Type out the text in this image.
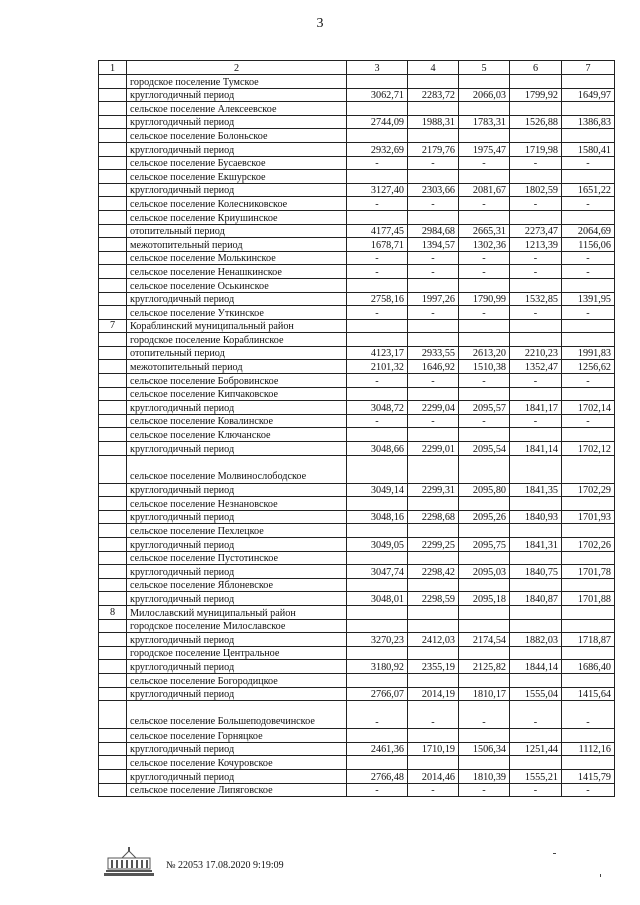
3
1	2	3	4	5	6	7
	городское поселение Тумское					
	круглогодичный период	3062,71	2283,72	2066,03	1799,92	1649,97
	сельское поселение Алексеевское					
	круглогодичный период	2744,09	1988,31	1783,31	1526,88	1386,83
	сельское поселение Болоньское					
	круглогодичный период	2932,69	2179,76	1975,47	1719,98	1580,41
	сельское поселение Бусаевское	-	-	-	-	-
	сельское поселение Екшурское					
	круглогодичный период	3127,40	2303,66	2081,67	1802,59	1651,22
	сельское поселение Колесниковское	-	-	-	-	-
	сельское поселение Криушинское					
	отопительный период	4177,45	2984,68	2665,31	2273,47	2064,69
	межотопительный период	1678,71	1394,57	1302,36	1213,39	1156,06
	сельское поселение Молькинское	-	-	-	-	-
	сельское поселение Ненашкинское	-	-	-	-	-
	сельское поселение Оськинское					
	круглогодичный период	2758,16	1997,26	1790,99	1532,85	1391,95
	сельское поселение Уткинское	-	-	-	-	-
7	Кораблинский муниципальный район					
	городское поселение Кораблинское					
	отопительный период	4123,17	2933,55	2613,20	2210,23	1991,83
	межотопительный период	2101,32	1646,92	1510,38	1352,47	1256,62
	сельское поселение Бобровинское	-	-	-	-	-
	сельское поселение Кипчаковское					
	круглогодичный период	3048,72	2299,04	2095,57	1841,17	1702,14
	сельское поселение Ковалинское	-	-	-	-	-
	сельское поселение Ключанское					
	круглогодичный период	3048,66	2299,01	2095,54	1841,14	1702,12
	сельское поселение Молвинослободское					
	круглогодичный период	3049,14	2299,31	2095,80	1841,35	1702,29
	сельское поселение Незнановское					
	круглогодичный период	3048,16	2298,68	2095,26	1840,93	1701,93
	сельское поселение Пехлецкое					
	круглогодичный период	3049,05	2299,25	2095,75	1841,31	1702,26
	сельское поселение Пустотинское					
	круглогодичный период	3047,74	2298,42	2095,03	1840,75	1701,78
	сельское поселение Яблоневское					
	круглогодичный период	3048,01	2298,59	2095,18	1840,87	1701,88
8	Милославский муниципальный район					
	городское поселение Милославское					
	круглогодичный период	3270,23	2412,03	2174,54	1882,03	1718,87
	городское поселение Центральное					
	круглогодичный период	3180,92	2355,19	2125,82	1844,14	1686,40
	сельское поселение Богородицкое					
	круглогодичный период	2766,07	2014,19	1810,17	1555,04	1415,64
	сельское поселение Большеподовечинское	-	-	-	-	-
	сельское поселение Горняцкое					
	круглогодичный период	2461,36	1710,19	1506,34	1251,44	1112,16
	сельское поселение Кочуровское					
	круглогодичный период	2766,48	2014,46	1810,39	1555,21	1415,79
	сельское поселение Липяговское	-	-	-	-	-
№ 22053 17.08.2020 9:19:09
